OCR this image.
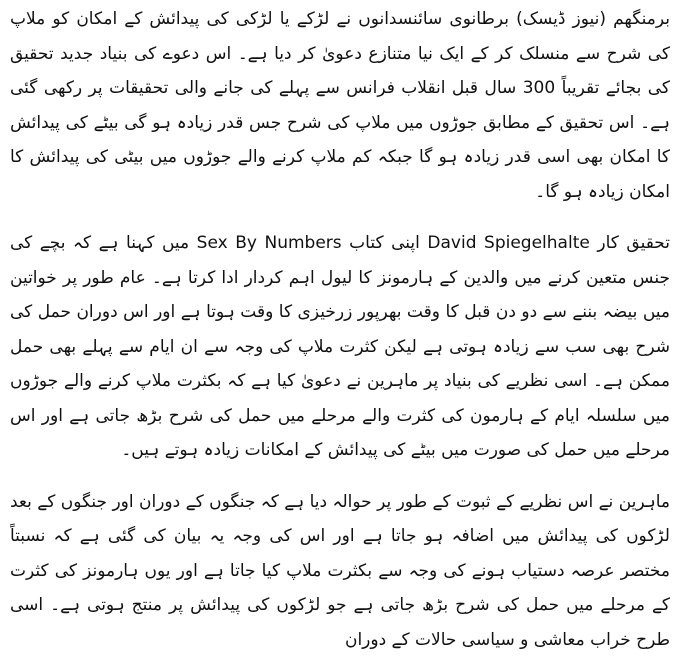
برمنگھم (نیوز ڈیسک) برطانوی سائنسدانوں نے لڑکے یا لڑکی کی پیدائش کے امکان کو ملاپ کی شرح سے منسلک کر کے ایک نیا متنازع دعویٰ کر دیا ہے۔ اس دعوے کی بنیاد جدید تحقیق کی بجائے تقریباً 300 سال قبل انقلاب فرانس سے پہلے کی جانے والی تحقیقات پر رکھی گئی ہے۔ اس تحقیق کے مطابق جوڑوں میں ملاپ کی شرح جس قدر زیادہ ہو گی بیٹے کی پیدائش کا امکان بھی اسی قدر زیادہ ہو گا جبکہ کم ملاپ کرنے والے جوڑوں میں بیٹی کی پیدائش کا امکان زیادہ ہو گا۔

تحقیق کار David Spiegelhalte اپنی کتاب Sex By Numbers میں کہنا ہے کہ بچے کی جنس متعین کرنے میں والدین کے ہارمونز کا لیول اہم کردار ادا کرتا ہے۔ عام طور پر خواتین میں بیضہ بننے سے دو دن قبل کا وقت بھرپور زرخیزی کا وقت ہوتا ہے اور اس دوران حمل کی شرح بھی سب سے زیادہ ہوتی ہے لیکن کثرت ملاپ کی وجہ سے ان ایام سے پہلے بھی حمل ممکن ہے۔ اسی نظریے کی بنیاد پر ماہرین نے دعویٰ کیا ہے کہ بکثرت ملاپ کرنے والے جوڑوں میں سلسلہ ایام کے ہارمون کی کثرت والے مرحلے میں حمل کی شرح بڑھ جاتی ہے اور اس مرحلے میں حمل کی صورت میں بیٹے کی پیدائش کے امکانات زیادہ ہوتے ہیں۔

ماہرین نے اس نظریے کے ثبوت کے طور پر حوالہ دیا ہے کہ جنگوں کے دوران اور جنگوں کے بعد لڑکوں کی پیدائش میں اضافہ ہو جاتا ہے اور اس کی وجہ یہ بیان کی گئی ہے کہ نسبتاً مختصر عرصہ دستیاب ہونے کی وجہ سے بکثرت ملاپ کیا جاتا ہے اور یوں ہارمونز کی کثرت کے مرحلے میں حمل کی شرح بڑھ جاتی ہے جو لڑکوں کی پیدائش پر منتج ہوتی ہے۔ اسی طرح خراب معاشی و سیاسی حالات کے دوران
